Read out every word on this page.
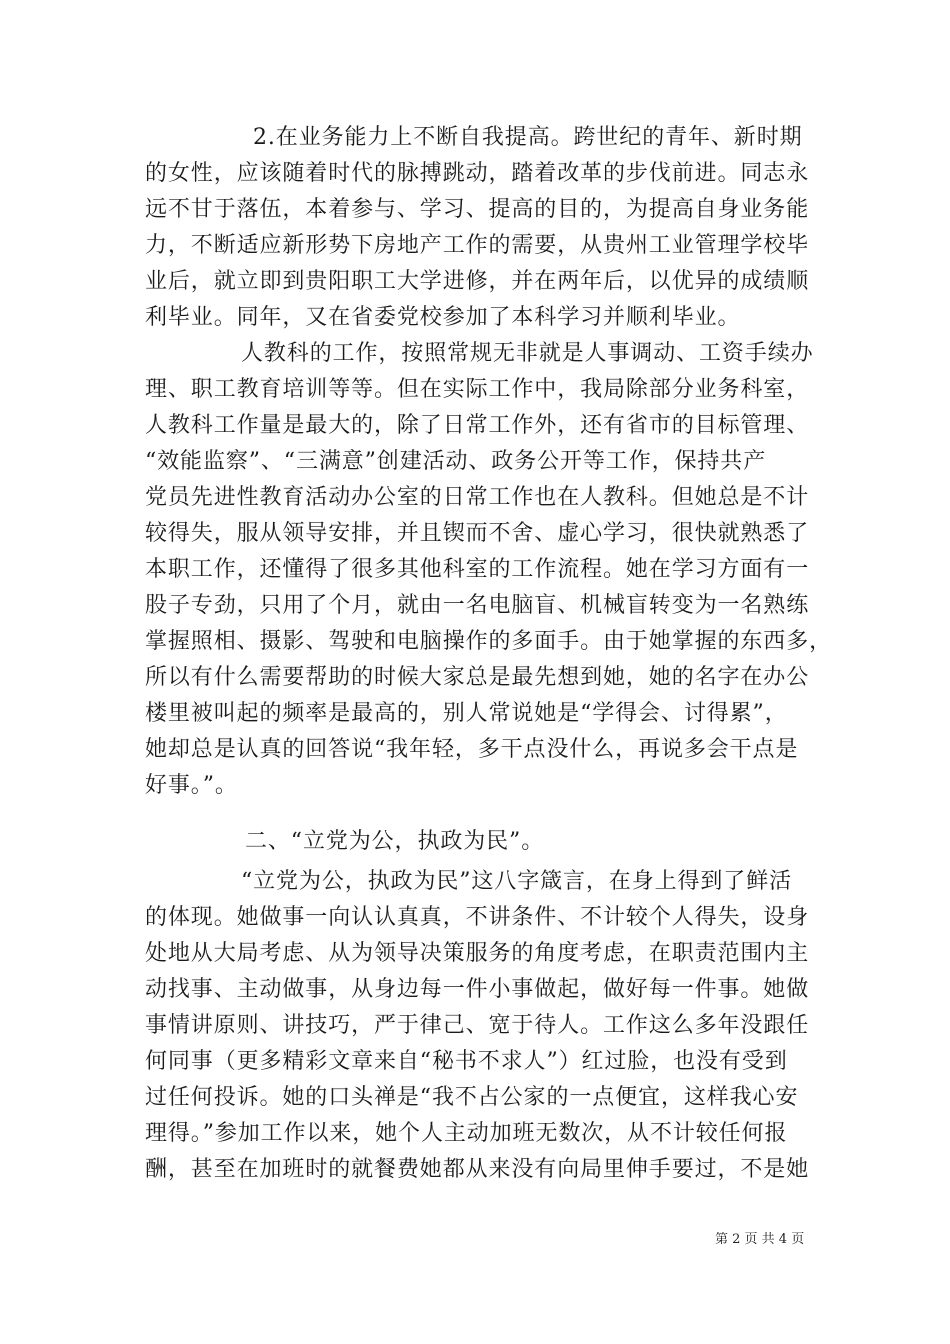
2.在业务能力上不断自我提高。跨世纪的青年、新时期
的女性，应该随着时代的脉搏跳动，踏着改革的步伐前进。同志永
远不甘于落伍，本着参与、学习、提高的目的，为提高自身业务能
力，不断适应新形势下房地产工作的需要，从贵州工业管理学校毕
业后，就立即到贵阳职工大学进修，并在两年后，以优异的成绩顺
利毕业。同年，又在省委党校参加了本科学习并顺利毕业。
人教科的工作，按照常规无非就是人事调动、工资手续办
理、职工教育培训等等。但在实际工作中，我局除部分业务科室，
人教科工作量是最大的，除了日常工作外，还有省市的目标管理、
“效能监察”、“三满意”创建活动、政务公开等工作，保持共产
党员先进性教育活动办公室的日常工作也在人教科。但她总是不计
较得失，服从领导安排，并且锲而不舍、虚心学习，很快就熟悉了
本职工作，还懂得了很多其他科室的工作流程。她在学习方面有一
股子专劲，只用了个月，就由一名电脑盲、机械盲转变为一名熟练
掌握照相、摄影、驾驶和电脑操作的多面手。由于她掌握的东西多，
所以有什么需要帮助的时候大家总是最先想到她，她的名字在办公
楼里被叫起的频率是最高的，别人常说她是“学得会、讨得累”，
她却总是认真的回答说“我年轻，多干点没什么，再说多会干点是
好事。”。
二、“立党为公，执政为民”。
“立党为公，执政为民”这八字箴言，在身上得到了鲜活
的体现。她做事一向认认真真，不讲条件、不计较个人得失，设身
处地从大局考虑、从为领导决策服务的角度考虑，在职责范围内主
动找事、主动做事，从身边每一件小事做起，做好每一件事。她做
事情讲原则、讲技巧，严于律己、宽于待人。工作这么多年没跟任
何同事（更多精彩文章来自“秘书不求人”）红过脸，也没有受到
过任何投诉。她的口头禅是“我不占公家的一点便宜，这样我心安
理得。”参加工作以来，她个人主动加班无数次，从不计较任何报
酬，甚至在加班时的就餐费她都从来没有向局里伸手要过，不是她
第 2 页 共 4 页
